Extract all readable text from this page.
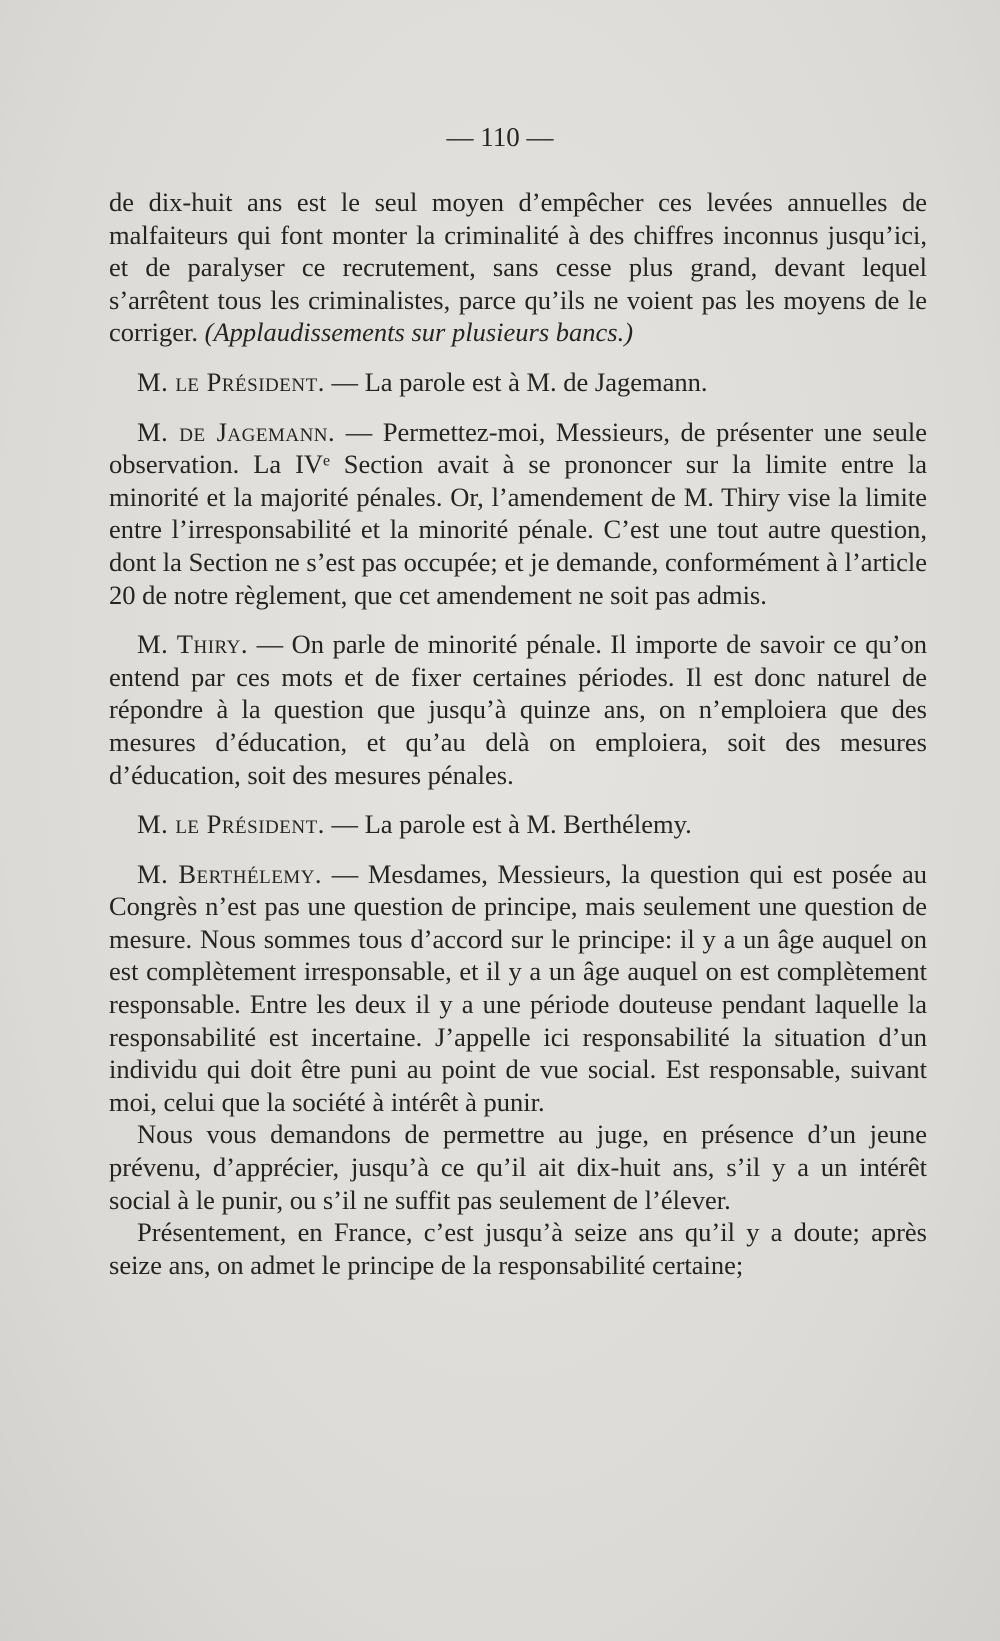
— 110 —

de dix-huit ans est le seul moyen d’empêcher ces levées annuelles de malfaiteurs qui font monter la criminalité à des chiffres inconnus jusqu’ici, et de paralyser ce recrutement, sans cesse plus grand, devant lequel s’arrêtent tous les criminalistes, parce qu’ils ne voient pas les moyens de le corriger. (Applaudissements sur plusieurs bancs.)

M. le Président. — La parole est à M. de Jagemann.

M. de Jagemann. — Permettez-moi, Messieurs, de présenter une seule observation. La IVᵉ Section avait à se prononcer sur la limite entre la minorité et la majorité pénales. Or, l’amendement de M. Thiry vise la limite entre l’irresponsabilité et la minorité pénale. C’est une tout autre question, dont la Section ne s’est pas occupée; et je demande, conformément à l’article 20 de notre règlement, que cet amendement ne soit pas admis.

M. Thiry. — On parle de minorité pénale. Il importe de savoir ce qu’on entend par ces mots et de fixer certaines périodes. Il est donc naturel de répondre à la question que jusqu’à quinze ans, on n’emploiera que des mesures d’éducation, et qu’au delà on emploiera, soit des mesures d’éducation, soit des mesures pénales.

M. le Président. — La parole est à M. Berthélemy.

M. Berthélemy. — Mesdames, Messieurs, la question qui est posée au Congrès n’est pas une question de principe, mais seulement une question de mesure. Nous sommes tous d’accord sur le principe: il y a un âge auquel on est complètement irresponsable, et il y a un âge auquel on est complètement responsable. Entre les deux il y a une période douteuse pendant laquelle la responsabilité est incertaine. J’appelle ici responsabilité la situation d’un individu qui doit être puni au point de vue social. Est responsable, suivant moi, celui que la société à intérêt à punir.

Nous vous demandons de permettre au juge, en présence d’un jeune prévenu, d’apprécier, jusqu’à ce qu’il ait dix-huit ans, s’il y a un intérêt social à le punir, ou s’il ne suffit pas seulement de l’élever.

Présentement, en France, c’est jusqu’à seize ans qu’il y a doute; après seize ans, on admet le principe de la responsabilité certaine;
